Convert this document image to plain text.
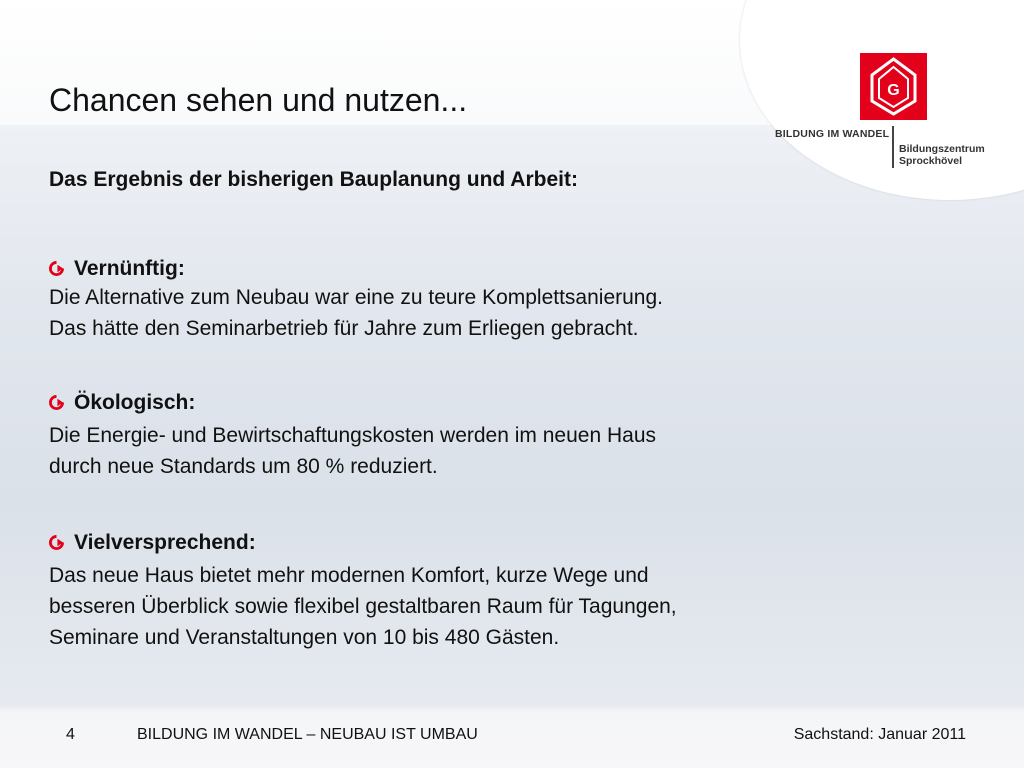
G
BILDUNG IM WANDEL
Bildungszentrum
Sprockhövel
Chancen sehen und nutzen...
Das Ergebnis der bisherigen Bauplanung und Arbeit:
Vernünftig:
Die Alternative zum Neubau war eine zu teure Komplettsanierung.
Das hätte den Seminarbetrieb für Jahre zum Erliegen gebracht.
Ökologisch:
Die Energie- und Bewirtschaftungskosten werden im neuen Haus
durch neue Standards um 80 % reduziert.
Vielversprechend:
Das neue Haus bietet mehr modernen Komfort, kurze Wege und
besseren Überblick sowie flexibel gestaltbaren Raum für Tagungen,
Seminare und Veranstaltungen von 10 bis 480 Gästen.
4	BILDUNG IM WANDEL – NEUBAU IST UMBAU	Sachstand: Januar 2011
